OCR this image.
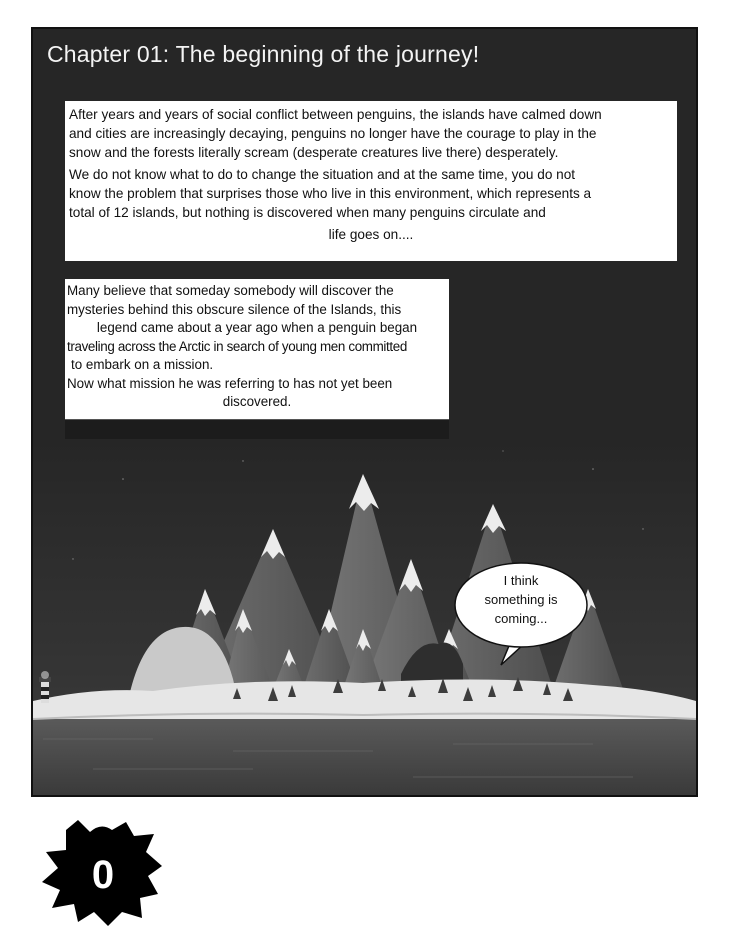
Chapter 01: The beginning of the journey!

After years and years of social conflict between penguins, the islands have calmed down
and cities are increasingly decaying, penguins no longer have the courage to play in the
snow and the forests literally scream (desperate creatures live there) desperately.

We do not know what to do to change the situation and at the same time, you do not
know the problem that surprises those who live in this environment, which represents a
total of 12 islands, but nothing is discovered when many penguins circulate and

life goes on....

Many believe that someday somebody will discover the

mysteries behind this obscure silence of the Islands, this

legend came about a year ago when a penguin began

traveling across the Arctic in search of young men committed

to embark on a mission.

Now what mission he was referring to has not yet been

discovered.

I think
something is
coming...
0
